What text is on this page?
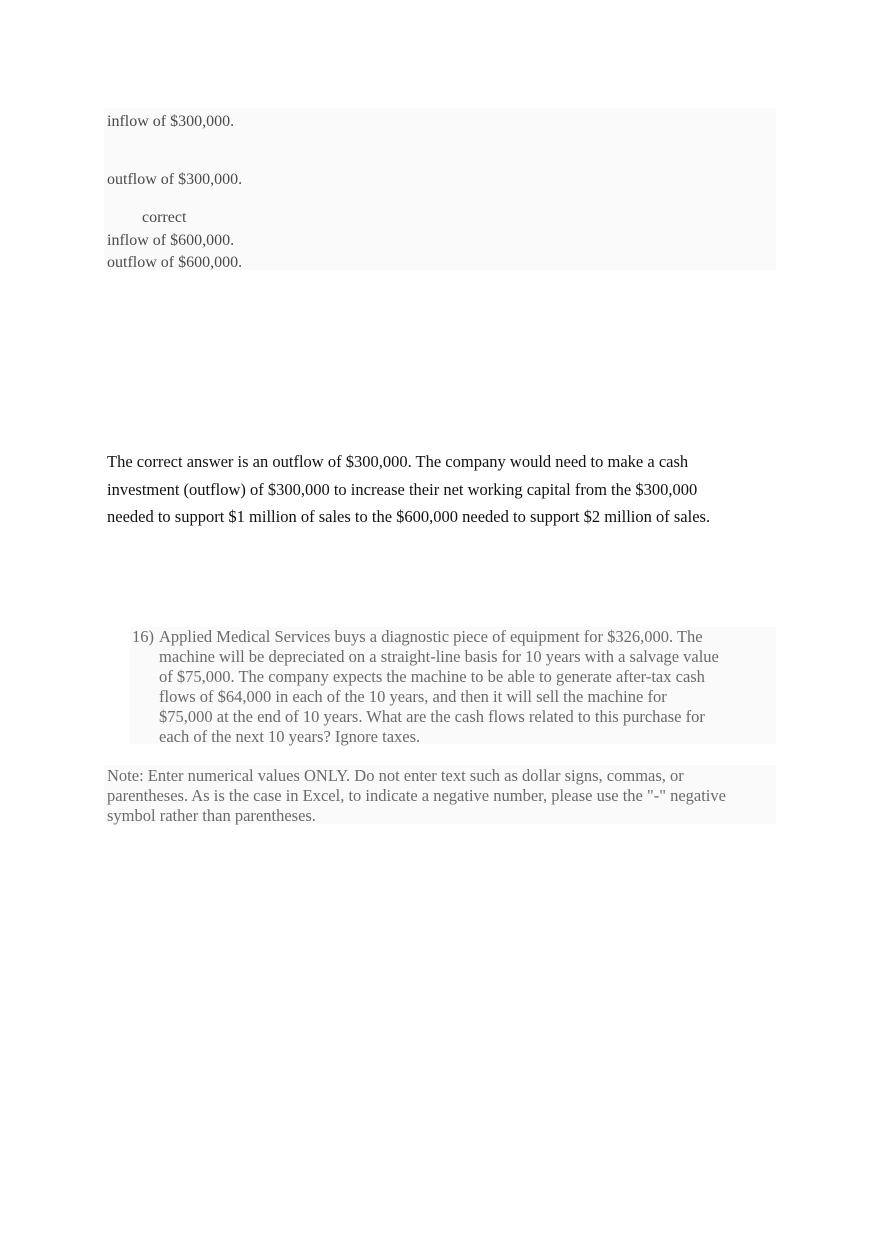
inflow of $300,000.
outflow of $300,000.
correct
inflow of $600,000.
outflow of $600,000.

The correct answer is an outflow of $300,000. The company would need to make a cash investment (outflow) of $300,000 to increase their net working capital from the $300,000 needed to support $1 million of sales to the $600,000 needed to support $2 million of sales.

16) Applied Medical Services buys a diagnostic piece of equipment for $326,000. The machine will be depreciated on a straight-line basis for 10 years with a salvage value of $75,000. The company expects the machine to be able to generate after-tax cash flows of $64,000 in each of the 10 years, and then it will sell the machine for $75,000 at the end of 10 years. What are the cash flows related to this purchase for each of the next 10 years? Ignore taxes.
Note: Enter numerical values ONLY. Do not enter text such as dollar signs, commas, or parentheses. As is the case in Excel, to indicate a negative number, please use the "-" negative symbol rather than parentheses.
